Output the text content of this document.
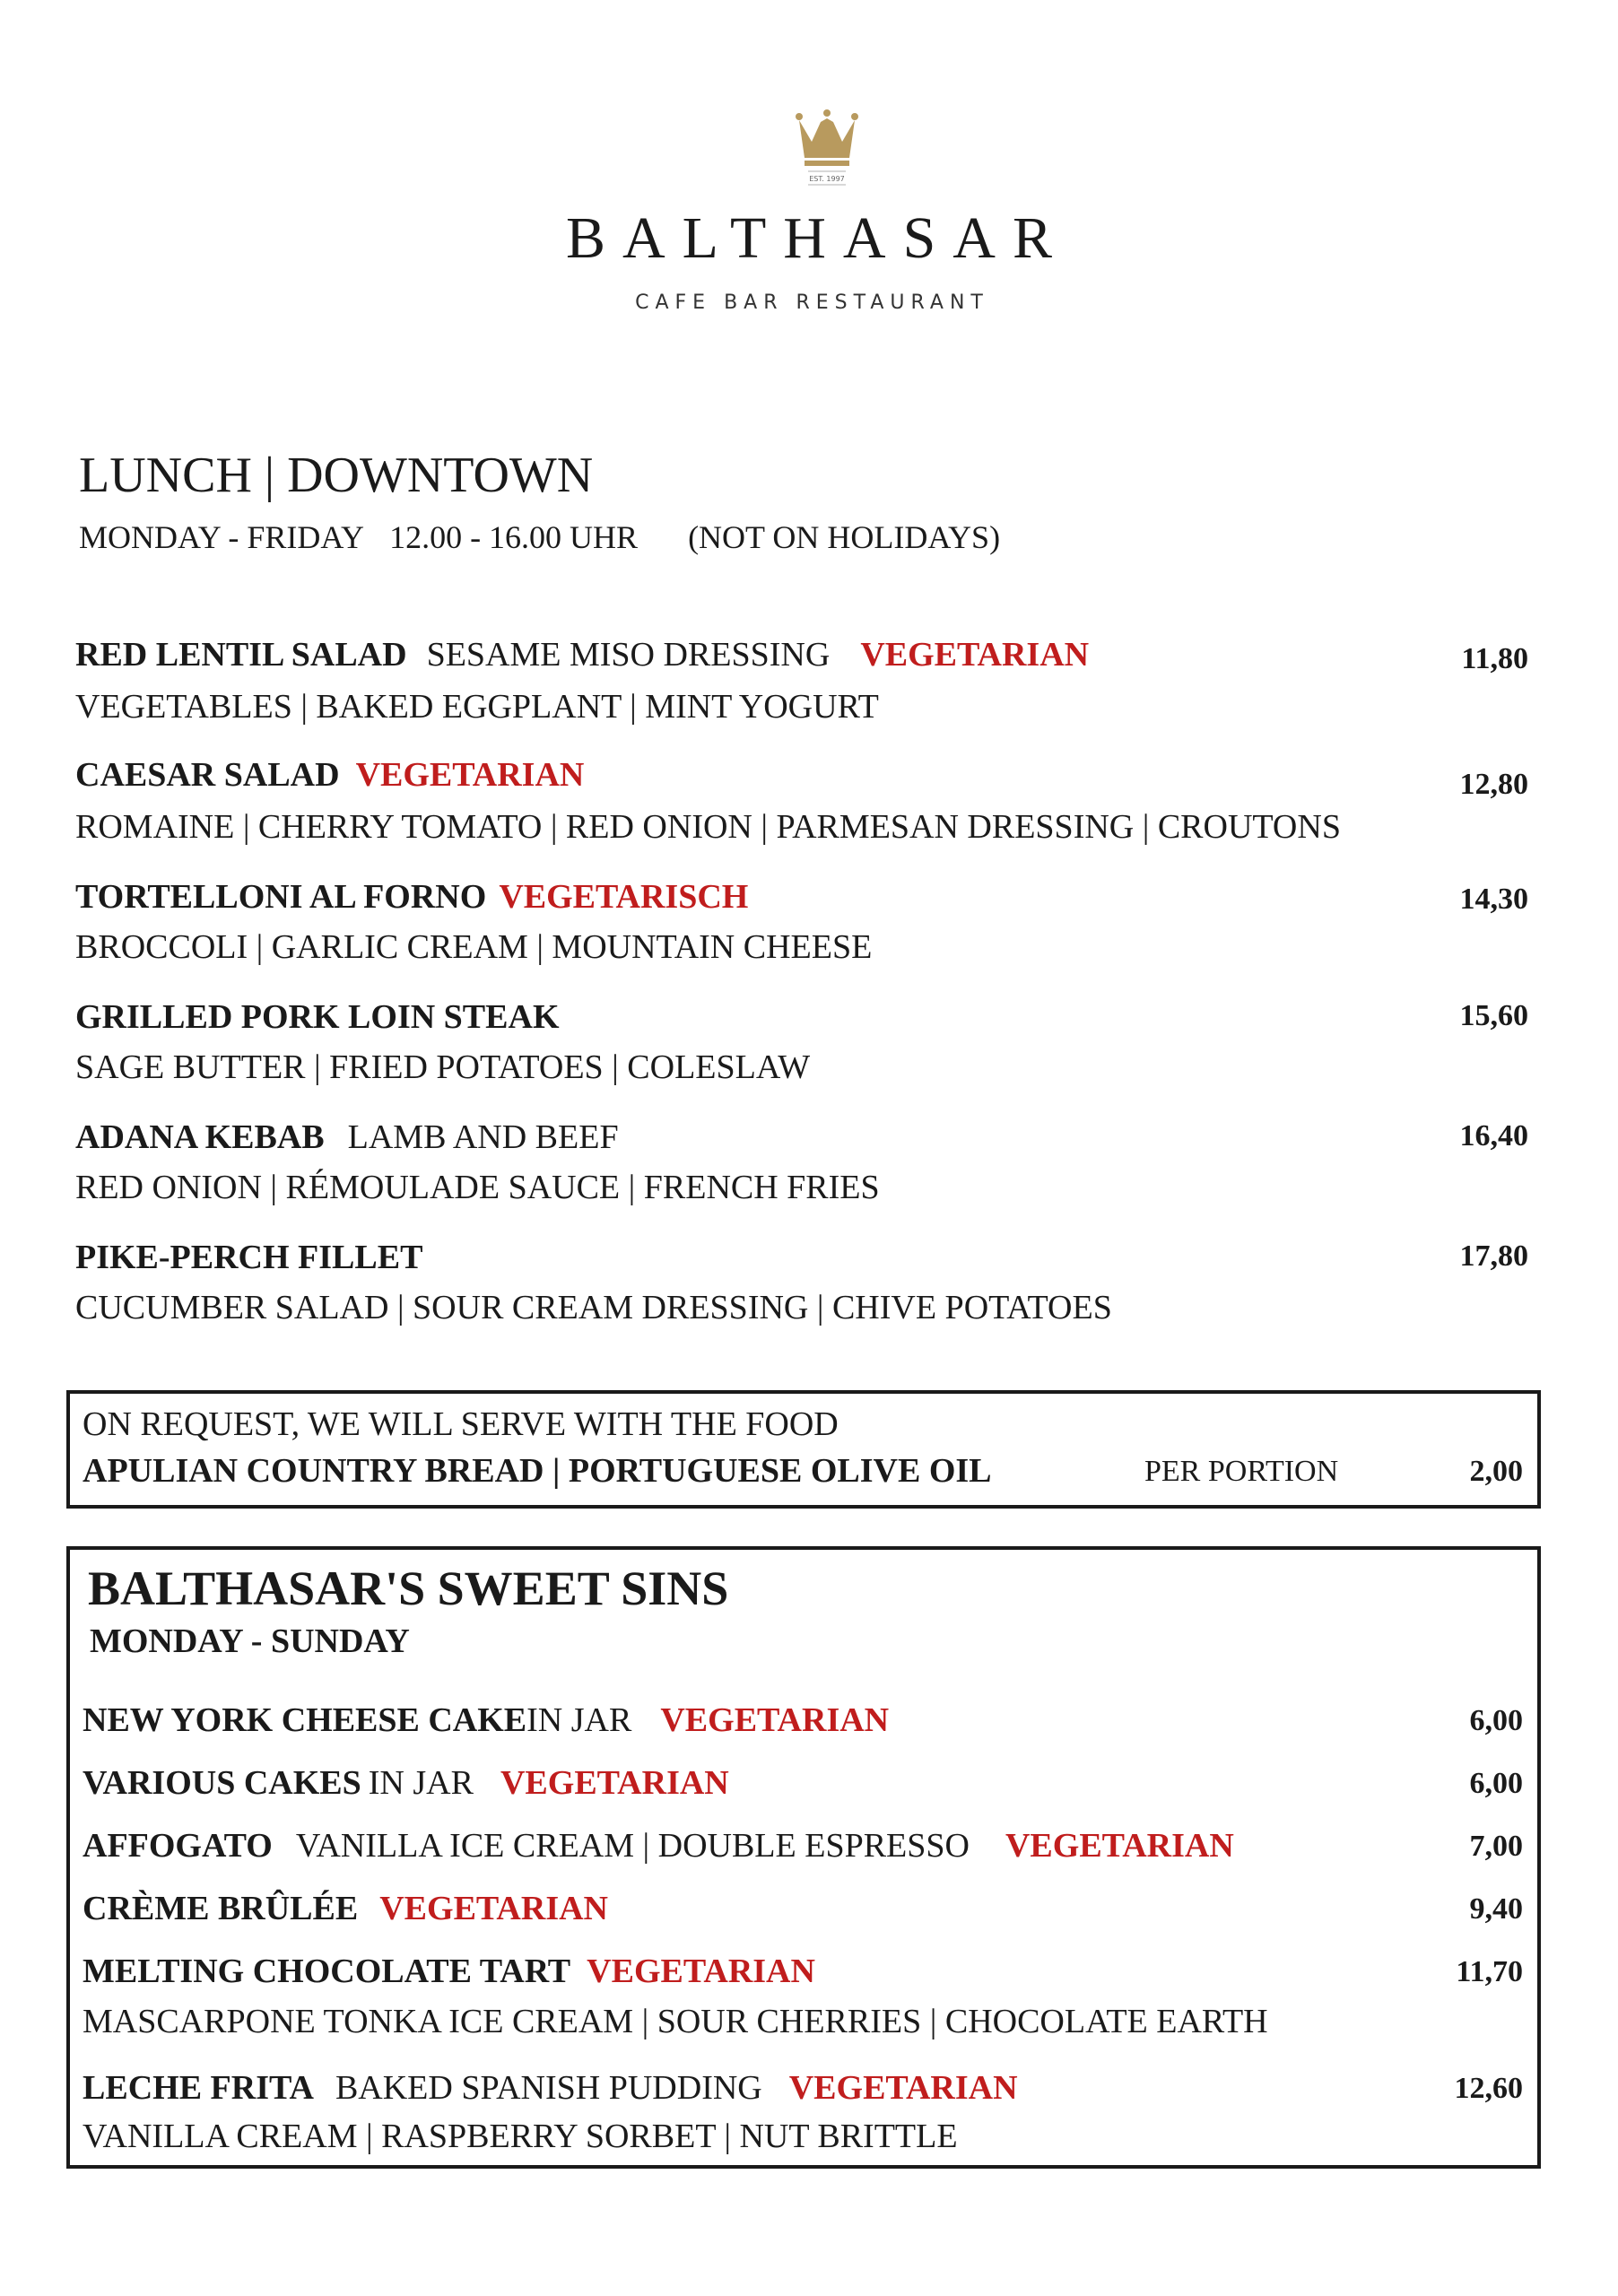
EST. 1997
BALTHASAR
CAFE BAR RESTAURANT
LUNCH | DOWNTOWN
MONDAY - FRIDAY 12.00 - 16.00 UHR (NOT ON HOLIDAYS)
RED LENTIL SALAD SESAME MISO DRESSING VEGETARIAN	11,80
VEGETABLES | BAKED EGGPLANT | MINT YOGURT
CAESAR SALAD VEGETARIAN	12,80
ROMAINE | CHERRY TOMATO | RED ONION | PARMESAN DRESSING | CROUTONS
TORTELLONI AL FORNO VEGETARISCH	14,30
BROCCOLI | GARLIC CREAM | MOUNTAIN CHEESE
GRILLED PORK LOIN STEAK	15,60
SAGE BUTTER | FRIED POTATOES | COLESLAW
ADANA KEBAB LAMB AND BEEF	16,40
RED ONION | RÉMOULADE SAUCE | FRENCH FRIES
PIKE-PERCH FILLET	17,80
CUCUMBER SALAD | SOUR CREAM DRESSING | CHIVE POTATOES
ON REQUEST, WE WILL SERVE WITH THE FOOD
APULIAN COUNTRY BREAD | PORTUGUESE OLIVE OIL	PER PORTION	2,00
BALTHASAR'S SWEET SINS
MONDAY - SUNDAY
NEW YORK CHEESE CAKEIN JAR VEGETARIAN	6,00
VARIOUS CAKES IN JAR VEGETARIAN	6,00
AFFOGATO VANILLA ICE CREAM | DOUBLE ESPRESSO VEGETARIAN	7,00
CRÈME BRÛLÉE VEGETARIAN	9,40
MELTING CHOCOLATE TART VEGETARIAN	11,70
MASCARPONE TONKA ICE CREAM | SOUR CHERRIES | CHOCOLATE EARTH
LECHE FRITA BAKED SPANISH PUDDING VEGETARIAN	12,60
VANILLA CREAM | RASPBERRY SORBET | NUT BRITTLE
